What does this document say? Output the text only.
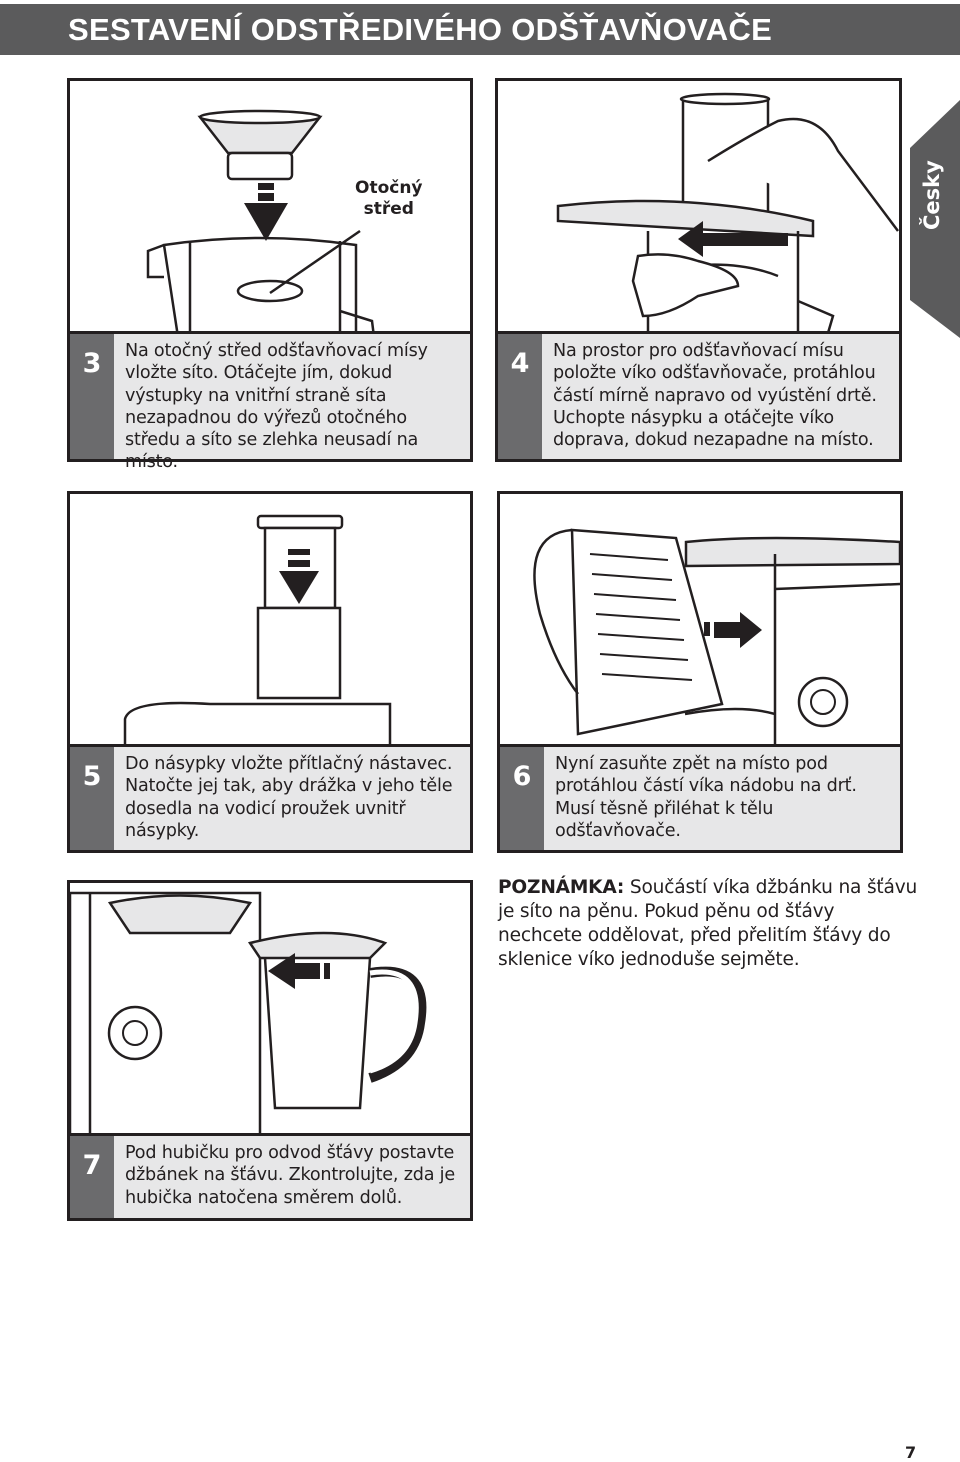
SESTAVENÍ ODSTŘEDIVÉHO ODŠŤAVŇOVAČE
Česky
Otočný
střed
3	Na otočný střed odšťavňovací mísy vložte síto. Otáčejte jím, dokud výstupky na vnitřní straně síta nezapadnou do výřezů otočného středu a síto se zlehka neusadí na místo.
4	Na prostor pro odšťavňovací mísu položte víko odšťavňovače, protáhlou částí mírně napravo od vyústění drtě. Uchopte násypku a otáčejte víko doprava, dokud nezapadne na místo.
5	Do násypky vložte přítlačný nástavec. Natočte jej tak, aby drážka v jeho těle dosedla na vodicí proužek uvnitř násypky.
6	Nyní zasuňte zpět na místo pod protáhlou částí víka nádobu na drť. Musí těsně přiléhat k tělu odšťavňovače.
7	Pod hubičku pro odvod šťávy postavte džbánek na šťávu. Zkontrolujte, zda je hubička natočena směrem dolů.
POZNÁMKA: Součástí víka džbánku na šťávu je síto na pěnu. Pokud pěnu od šťávy nechcete oddělovat, před přelitím šťávy do sklenice víko jednoduše sejměte.
7
